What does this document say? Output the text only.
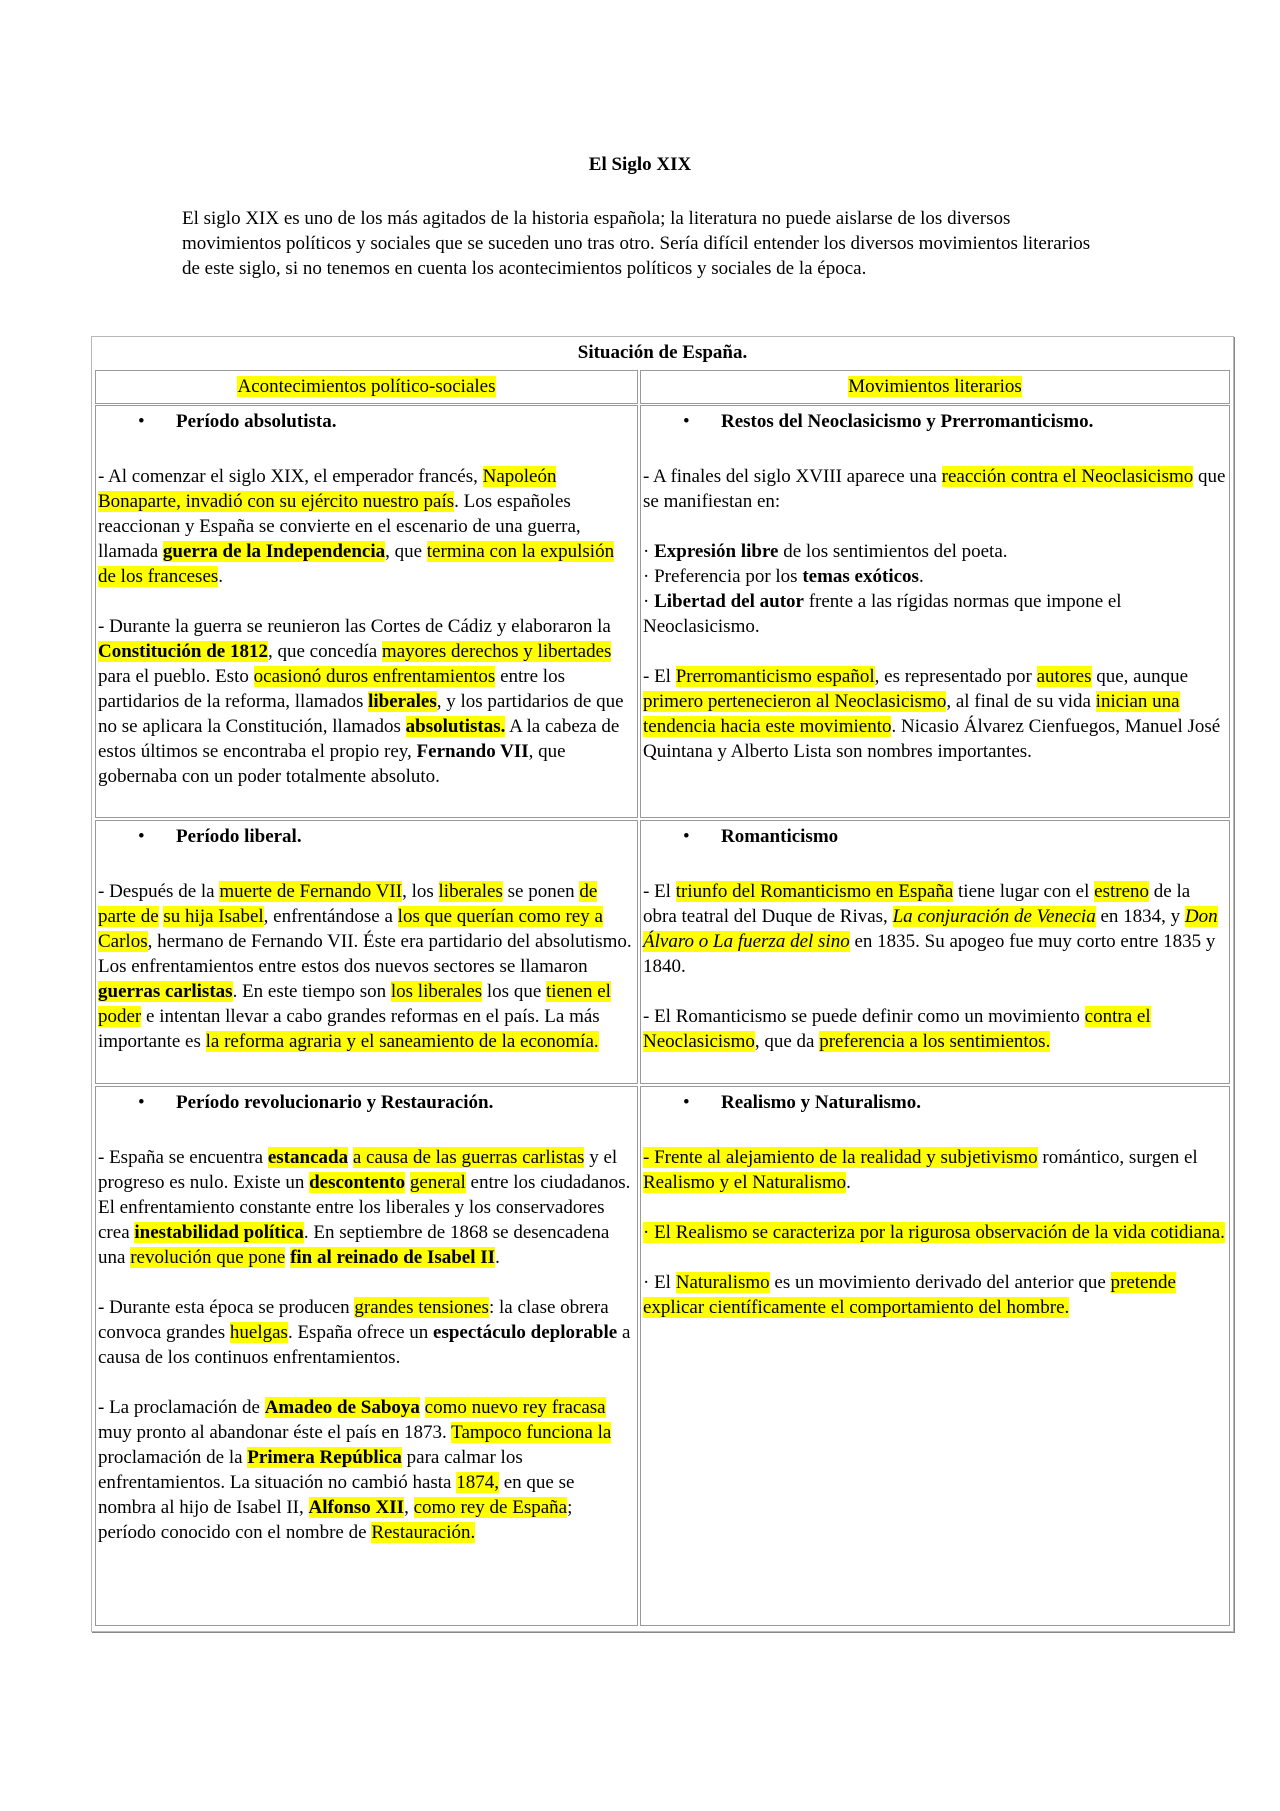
El Siglo XIX
El siglo XIX es uno de los más agitados de la historia española; la literatura no puede aislarse de los diversos movimientos políticos y sociales que se suceden uno tras otro. Sería difícil entender los diversos movimientos literarios de este siglo, si no tenemos en cuenta los acontecimientos políticos y sociales de la época.
Situación de España.
Acontecimientos político-sociales	Movimientos literarios
• Período absolutista.
- Al comenzar el siglo XIX, el emperador francés, Napoleón Bonaparte, invadió con su ejército nuestro país. Los españoles reaccionan y España se convierte en el escenario de una guerra, llamada guerra de la Independencia, que termina con la expulsión de los franceses.
- Durante la guerra se reunieron las Cortes de Cádiz y elaboraron la Constitución de 1812, que concedía mayores derechos y libertades para el pueblo. Esto ocasionó duros enfrentamientos entre los partidarios de la reforma, llamados liberales, y los partidarios de que no se aplicara la Constitución, llamados absolutistas. A la cabeza de estos últimos se encontraba el propio rey, Fernando VII, que gobernaba con un poder totalmente absoluto.
• Restos del Neoclasicismo y Prerromanticismo.
- A finales del siglo XVIII aparece una reacción contra el Neoclasicismo que se manifiestan en:
· Expresión libre de los sentimientos del poeta.
· Preferencia por los temas exóticos.
· Libertad del autor frente a las rígidas normas que impone el Neoclasicismo.
- El Prerromanticismo español, es representado por autores que, aunque primero pertenecieron al Neoclasicismo, al final de su vida inician una tendencia hacia este movimiento. Nicasio Álvarez Cienfuegos, Manuel José Quintana y Alberto Lista son nombres importantes.
• Período liberal.
- Después de la muerte de Fernando VII, los liberales se ponen de parte de su hija Isabel, enfrentándose a los que querían como rey a Carlos, hermano de Fernando VII. Éste era partidario del absolutismo. Los enfrentamientos entre estos dos nuevos sectores se llamaron guerras carlistas. En este tiempo son los liberales los que tienen el poder e intentan llevar a cabo grandes reformas en el país. La más importante es la reforma agraria y el saneamiento de la economía.
• Romanticismo
- El triunfo del Romanticismo en España tiene lugar con el estreno de la obra teatral del Duque de Rivas, La conjuración de Venecia en 1834, y Don Álvaro o La fuerza del sino en 1835. Su apogeo fue muy corto entre 1835 y 1840.
- El Romanticismo se puede definir como un movimiento contra el Neoclasicismo, que da preferencia a los sentimientos.
• Período revolucionario y Restauración.
- España se encuentra estancada a causa de las guerras carlistas y el progreso es nulo. Existe un descontento general entre los ciudadanos. El enfrentamiento constante entre los liberales y los conservadores crea inestabilidad política. En septiembre de 1868 se desencadena una revolución que pone fin al reinado de Isabel II.
- Durante esta época se producen grandes tensiones: la clase obrera convoca grandes huelgas. España ofrece un espectáculo deplorable a causa de los continuos enfrentamientos.
- La proclamación de Amadeo de Saboya como nuevo rey fracasa muy pronto al abandonar éste el país en 1873. Tampoco funciona la proclamación de la Primera República para calmar los enfrentamientos. La situación no cambió hasta 1874, en que se nombra al hijo de Isabel II, Alfonso XII, como rey de España; período conocido con el nombre de Restauración.
• Realismo y Naturalismo.
- Frente al alejamiento de la realidad y subjetivismo romántico, surgen el Realismo y el Naturalismo.
· El Realismo se caracteriza por la rigurosa observación de la vida cotidiana.
· El Naturalismo es un movimiento derivado del anterior que pretende explicar científicamente el comportamiento del hombre.
